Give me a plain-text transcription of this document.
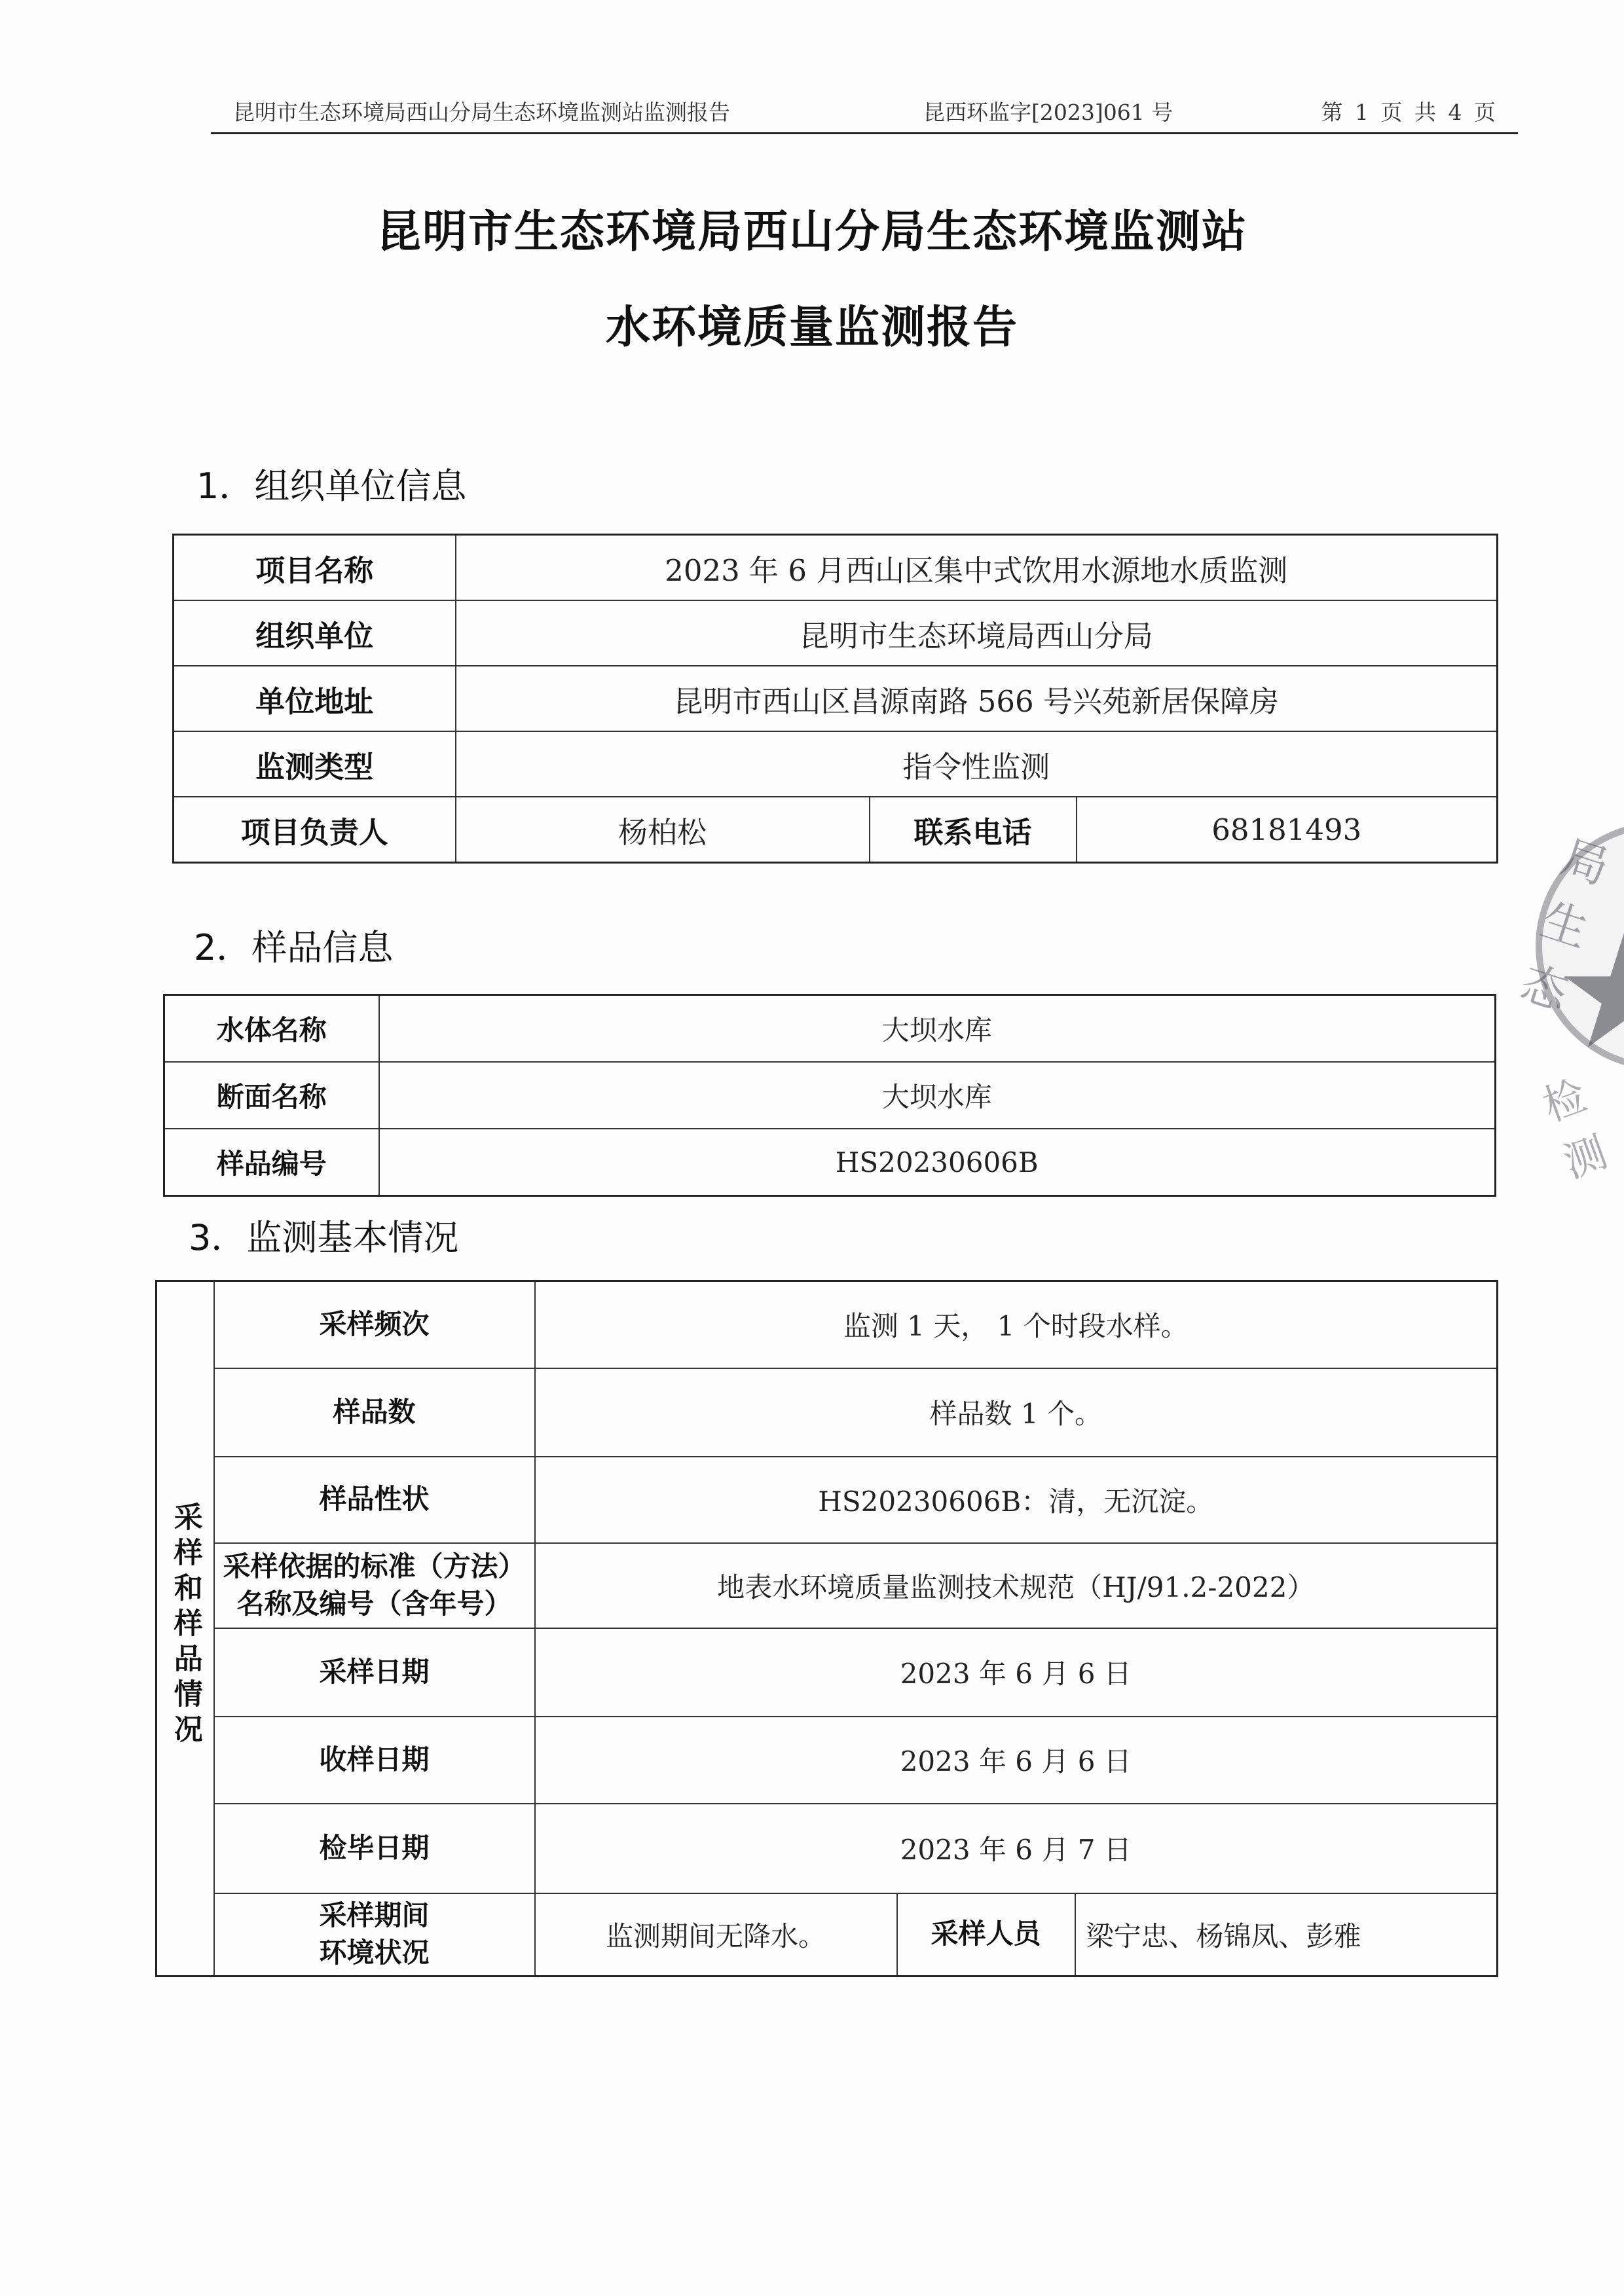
昆明市生态环境局西山分局生态环境监测站监测报告	昆西环监字[2023]061 号	第 1 页 共 4 页
昆明市生态环境局西山分局生态环境监测站
水环境质量监测报告
1．组织单位信息
项目名称	2023 年 6 月西山区集中式饮用水源地水质监测		
组织单位	昆明市生态环境局西山分局		
单位地址	昆明市西山区昌源南路 566 号兴苑新居保障房		
监测类型	指令性监测		
项目负责人	杨柏松	联系电话	68181493
2．样品信息
水体名称	大坝水库
断面名称	大坝水库
样品编号	HS20230606B
3．监测基本情况
采样和样品情况	采样频次	监测 1 天， 1 个时段水样。		
	样品数	样品数 1 个。		
	样品性状	HS20230606B：清，无沉淀。		

	采样依据的标准（方法）
名称及编号（含年号）	地表水环境质量监测技术规范（HJ/91.2-2022）		
	采样日期	2023 年 6 月 6 日		
	收样日期	2023 年 6 月 6 日		
	检毕日期	2023 年 6 月 7 日		

	采样期间
环境状况	监测期间无降水。	采样人员	梁宁忠、杨锦凤、彭雅
局生态
检测
